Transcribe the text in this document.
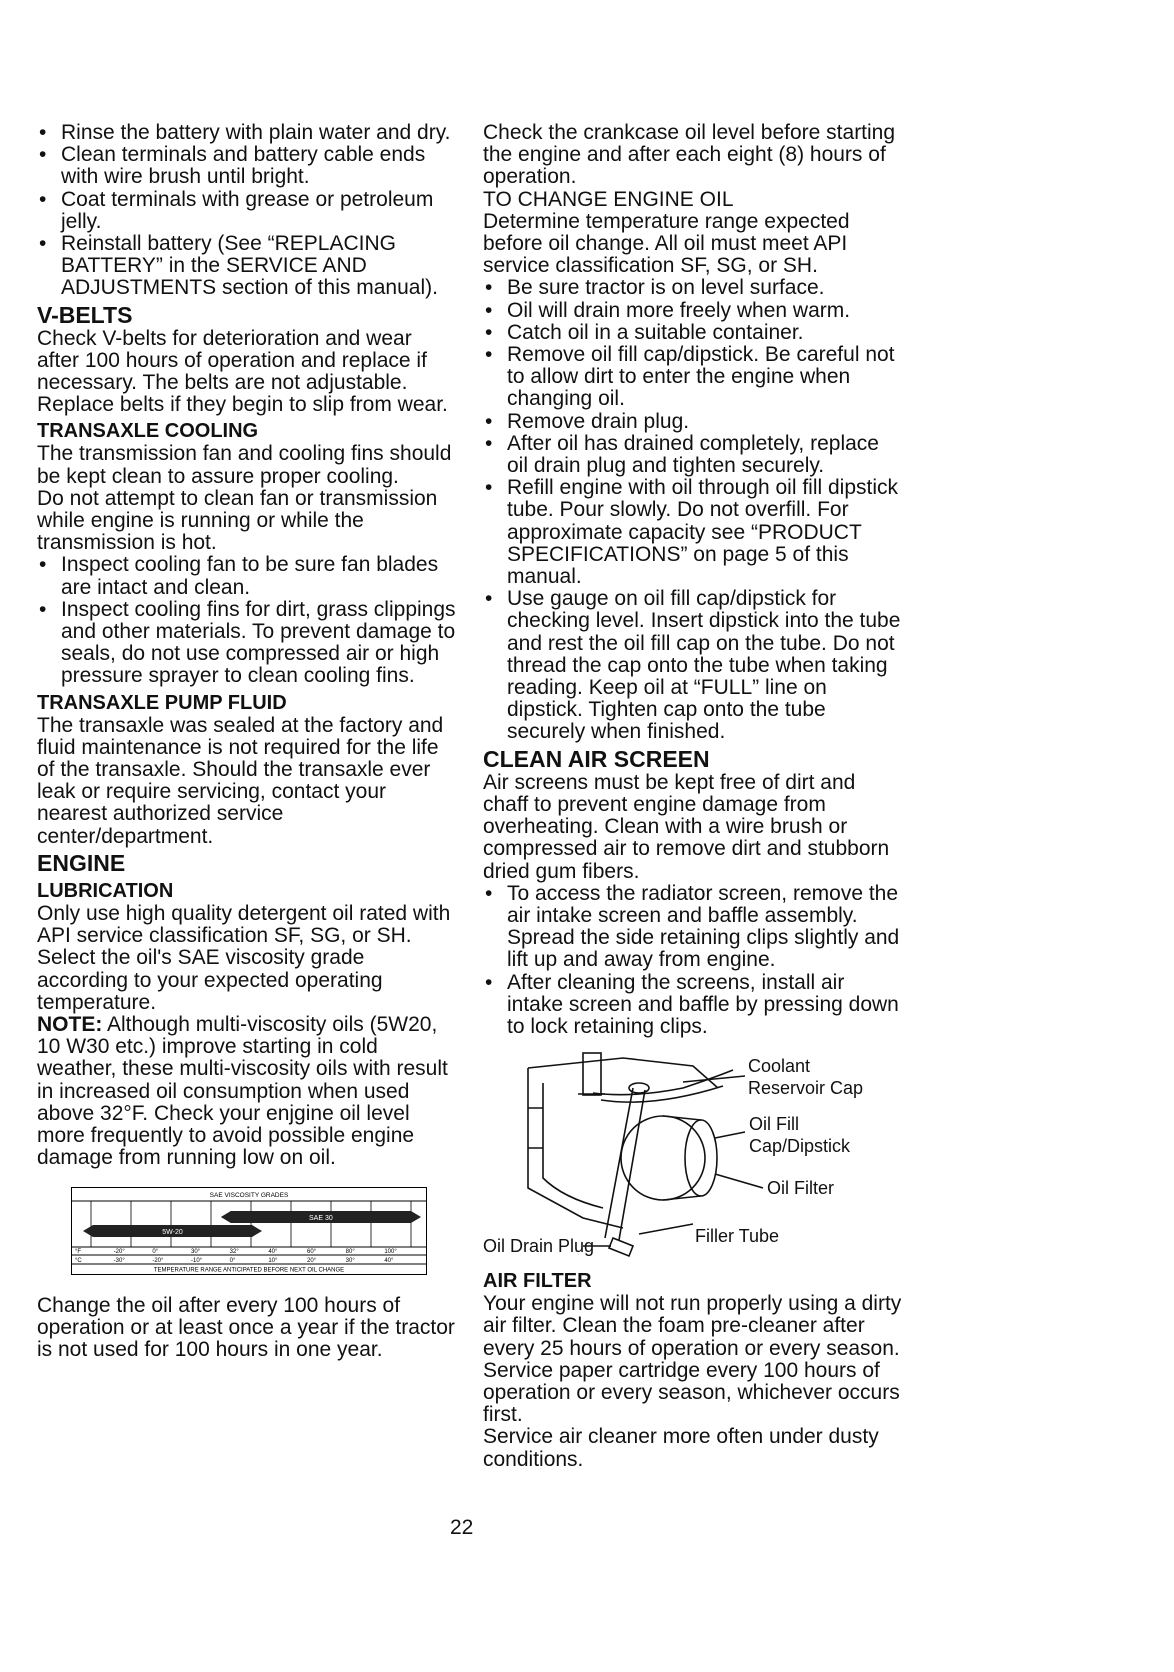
• Rinse the battery with plain water and dry.
• Clean terminals and battery cable ends with wire brush until bright.
• Coat terminals with grease or petroleum jelly.
• Reinstall battery (See “REPLACING BATTERY” in the SERVICE AND ADJUSTMENTS section of this manual).
V-BELTS

Check V-belts for deterioration and wear after 100 hours of operation and replace if necessary. The belts are not adjustable. Replace belts if they begin to slip from wear.

TRANSAXLE COOLING

The transmission fan and cooling fins should be kept clean to assure proper cooling.

Do not attempt to clean fan or transmission while engine is running or while the transmission is hot.

• Inspect cooling fan to be sure fan blades are intact and clean.
• Inspect cooling fins for dirt, grass clippings and other materials. To prevent damage to seals, do not use compressed air or high pressure sprayer to clean cooling fins.
TRANSAXLE PUMP FLUID

The transaxle was sealed at the factory and fluid maintenance is not required for the life of the transaxle. Should the transaxle ever leak or require servicing, contact your nearest authorized service center/department.

ENGINE
LUBRICATION

Only use high quality detergent oil rated with API service classification SF, SG, or SH. Select the oil's SAE viscosity grade according to your expected operating temperature.

NOTE: Although multi-viscosity oils (5W20, 10 W30 etc.) improve starting in cold weather, these multi-viscosity oils with result in increased oil consumption when used above 32°F. Check your enjgine oil level more frequently to avoid possible engine damage from running low on oil.

SAE VISCOSITY GRADES
5W-20
SAE 30
°F	-20°	0°	30°	32°	40°	60°	80°	100°
°C	-30°	-20°	-10°	0°	10°	20°	30°	40°
TEMPERATURE RANGE ANTICIPATED BEFORE NEXT OIL CHANGE

Change the oil after every 100 hours of operation or at least once a year if the tractor is not used for 100 hours in one year.

Check the crankcase oil level before starting the engine and after each eight (8) hours of operation.

TO CHANGE ENGINE OIL

Determine temperature range expected before oil change. All oil must meet API service classification SF, SG, or SH.

• Be sure tractor is on level surface.
• Oil will drain more freely when warm.
• Catch oil in a suitable container.
• Remove oil fill cap/dipstick. Be careful not to allow dirt to enter the engine when changing oil.
• Remove drain plug.
• After oil has drained completely, replace oil drain plug and tighten securely.
• Refill engine with oil through oil fill dipstick tube. Pour slowly. Do not overfill. For approximate capacity see “PRODUCT SPECIFICATIONS” on page 5 of this manual.
• Use gauge on oil fill cap/dipstick for checking level. Insert dipstick into the tube and rest the oil fill cap on the tube. Do not thread the cap onto the tube when taking reading. Keep oil at “FULL” line on dipstick. Tighten cap onto the tube securely when finished.
CLEAN AIR SCREEN

Air screens must be kept free of dirt and chaff to prevent engine damage from overheating. Clean with a wire brush or compressed air to remove dirt and stubborn dried gum fibers.

• To access the radiator screen, remove the air intake screen and baffle assembly. Spread the side retaining clips slightly and lift up and away from engine.
• After cleaning the screens, install air intake screen and baffle by pressing down to lock retaining clips.
Coolant
Reservoir Cap
Oil Fill
Cap/Dipstick
Oil Filter
Oil Drain Plug	Filler Tube
AIR FILTER

Your engine will not run properly using a dirty air filter. Clean the foam pre-cleaner after every 25 hours of operation or every season. Service paper cartridge every 100 hours of operation or every season, whichever occurs first.

Service air cleaner more often under dusty conditions.

22
